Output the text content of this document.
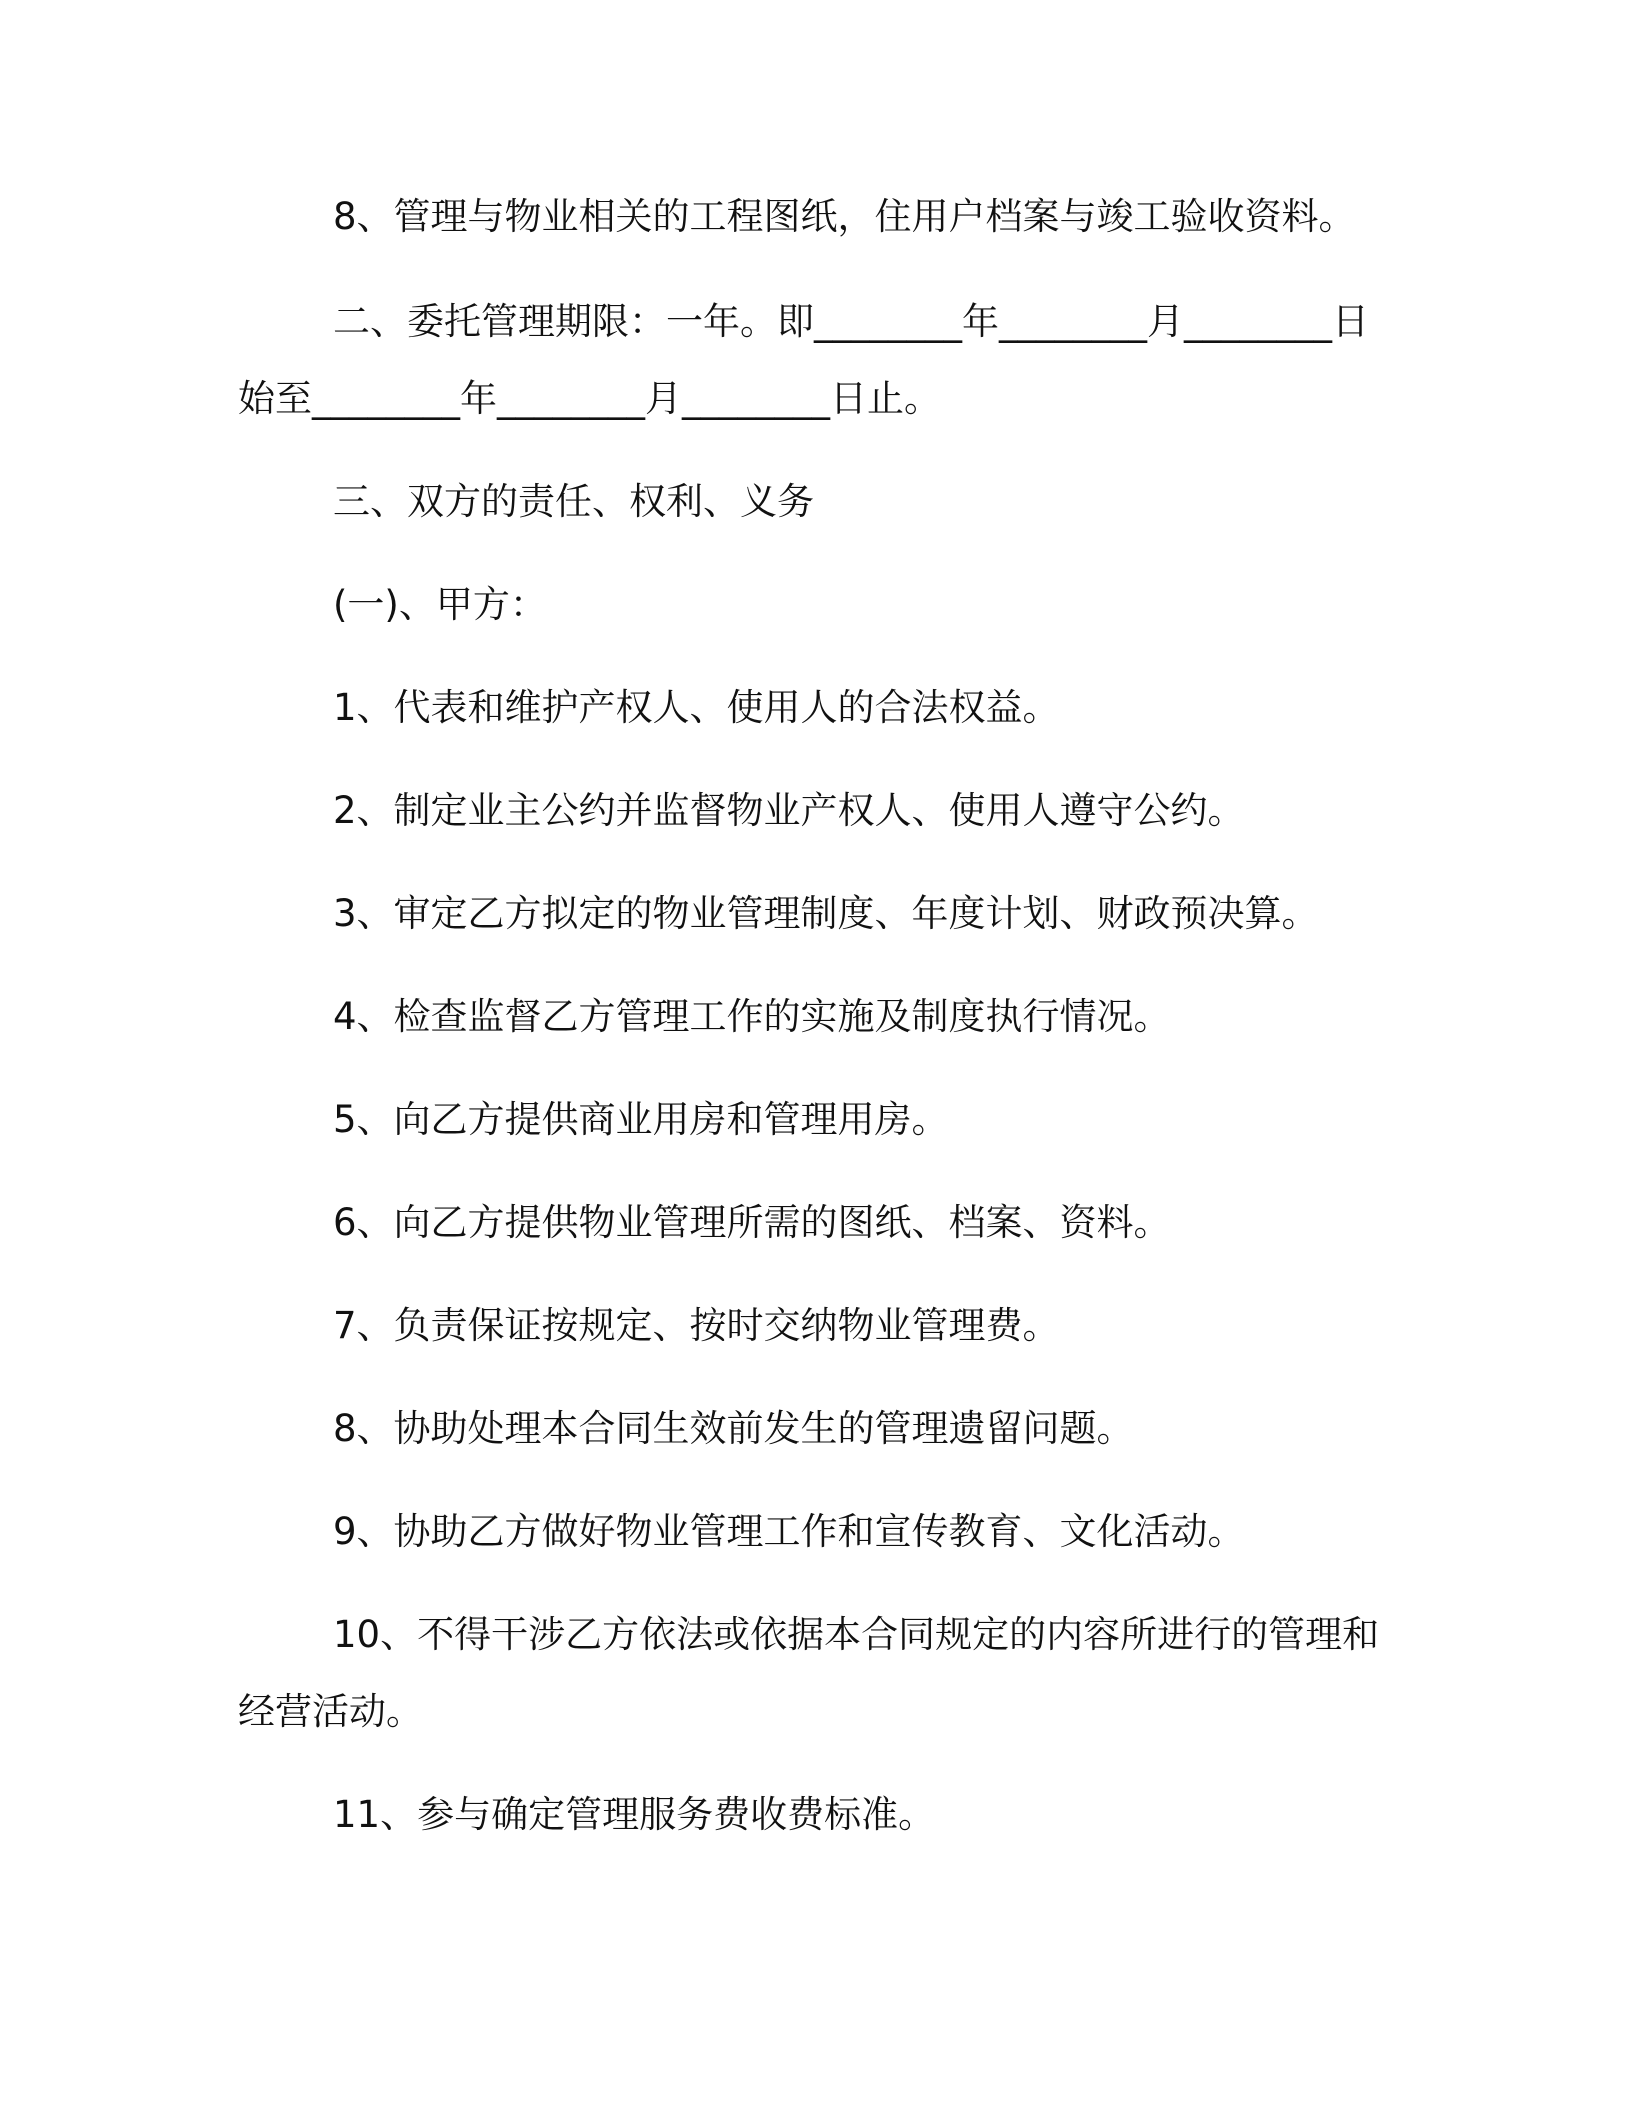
8、管理与物业相关的工程图纸，住用户档案与竣工验收资料。

二、委托管理期限：一年。即________年________月________日

始至________年________月________日止。

三、双方的责任、权利、义务

(一)、甲方：

1、代表和维护产权人、使用人的合法权益。

2、制定业主公约并监督物业产权人、使用人遵守公约。

3、审定乙方拟定的物业管理制度、年度计划、财政预决算。

4、检查监督乙方管理工作的实施及制度执行情况。

5、向乙方提供商业用房和管理用房。

6、向乙方提供物业管理所需的图纸、档案、资料。

7、负责保证按规定、按时交纳物业管理费。

8、协助处理本合同生效前发生的管理遗留问题。

9、协助乙方做好物业管理工作和宣传教育、文化活动。

10、不得干涉乙方依法或依据本合同规定的内容所进行的管理和

经营活动。

11、参与确定管理服务费收费标准。
